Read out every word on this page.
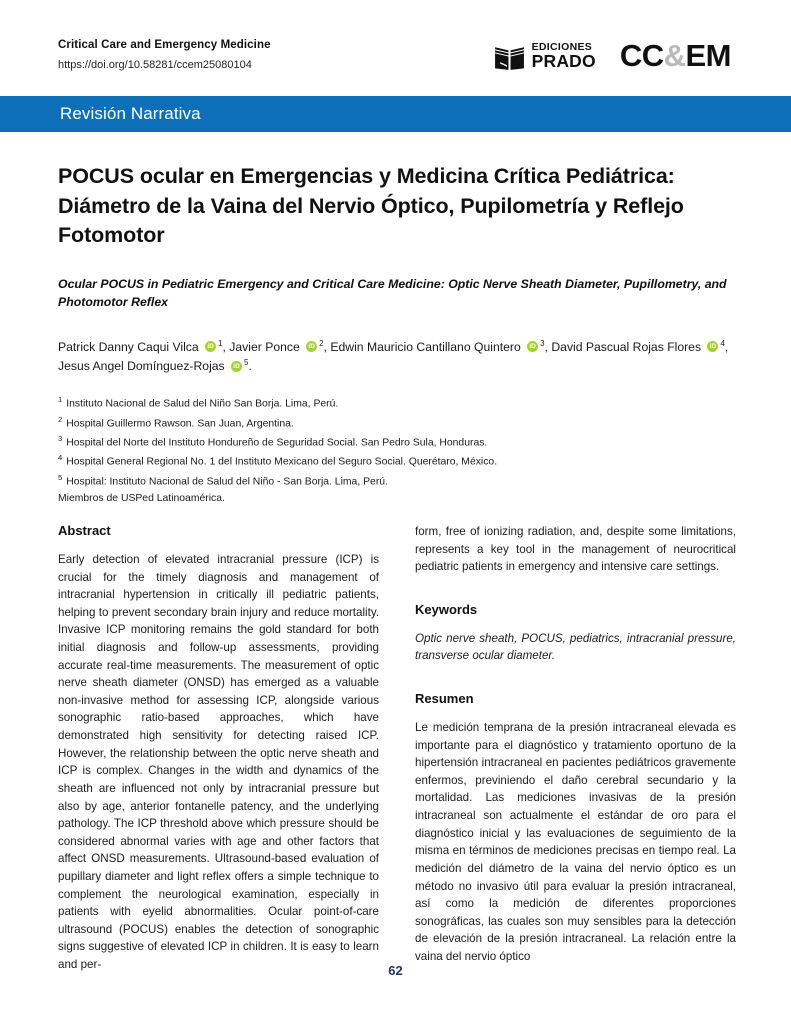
Critical Care and Emergency Medicine
https://doi.org/10.58281/ccem25080104
EDICIONES
PRADO CC&EM
Revisión Narrativa
POCUS ocular en Emergencias y Medicina Crítica Pediátrica: Diámetro de la Vaina del Nervio Óptico, Pupilometría y Reflejo Fotomotor
Ocular POCUS in Pediatric Emergency and Critical Care Medicine: Optic Nerve Sheath Diameter, Pupillometry, and Photomotor Reflex
Patrick Danny Caqui Vilca $iD^1$, Javier Ponce $iD^2$, Edwin Mauricio Cantillano Quintero $iD^3$, David Pascual Rojas Flores $iD^4$, Jesus Angel Domínguez-Rojas $iD^5$.
$^1$ Instituto Nacional de Salud del Niño San Borja. Lima, Perú.
$^2$ Hospital Guillermo Rawson. San Juan, Argentina.
$^3$ Hospital del Norte del Instituto Hondureño de Seguridad Social. San Pedro Sula, Honduras.
$^4$ Hospital General Regional No. 1 del Instituto Mexicano del Seguro Social. Querétaro, México.
$^5$ Hospital: Instituto Nacional de Salud del Niño - San Borja. Lima, Perú.
Miembros de USPed Latinoamérica.
Abstract

Early detection of elevated intracranial pressure (ICP) is crucial for the timely diagnosis and management of intracranial hypertension in critically ill pediatric patients, helping to prevent secondary brain injury and reduce mortality. Invasive ICP monitoring remains the gold standard for both initial diagnosis and follow-up assessments, providing accurate real-time measurements. The measurement of optic nerve sheath diameter (ONSD) has emerged as a valuable non-invasive method for assessing ICP, alongside various sonographic ratio-based approaches, which have demonstrated high sensitivity for detecting raised ICP. However, the relationship between the optic nerve sheath and ICP is complex. Changes in the width and dynamics of the sheath are influenced not only by intracranial pressure but also by age, anterior fontanelle patency, and the underlying pathology. The ICP threshold above which pressure should be considered abnormal varies with age and other factors that affect ONSD measurements. Ultrasound-based evaluation of pupillary diameter and light reflex offers a simple technique to complement the neurological examination, especially in patients with eyelid abnormalities. Ocular point-of-care ultrasound (POCUS) enables the detection of sonographic signs suggestive of elevated ICP in children. It is easy to learn and per-

form, free of ionizing radiation, and, despite some limitations, represents a key tool in the management of neurocritical pediatric patients in emergency and intensive care settings.

Keywords

Optic nerve sheath, POCUS, pediatrics, intracranial pressure, transverse ocular diameter.

Resumen

Le medición temprana de la presión intracraneal elevada es importante para el diagnóstico y tratamiento oportuno de la hipertensión intracraneal en pacientes pediátricos gravemente enfermos, previniendo el daño cerebral secundario y la mortalidad. Las mediciones invasivas de la presión intracraneal son actualmente el estándar de oro para el diagnóstico inicial y las evaluaciones de seguimiento de la misma en términos de mediciones precisas en tiempo real. La medición del diámetro de la vaina del nervio óptico es un método no invasivo útil para evaluar la presión intracraneal, así como la medición de diferentes proporciones sonográficas, las cuales son muy sensibles para la detección de elevación de la presión intracraneal. La relación entre la vaina del nervio óptico

62
